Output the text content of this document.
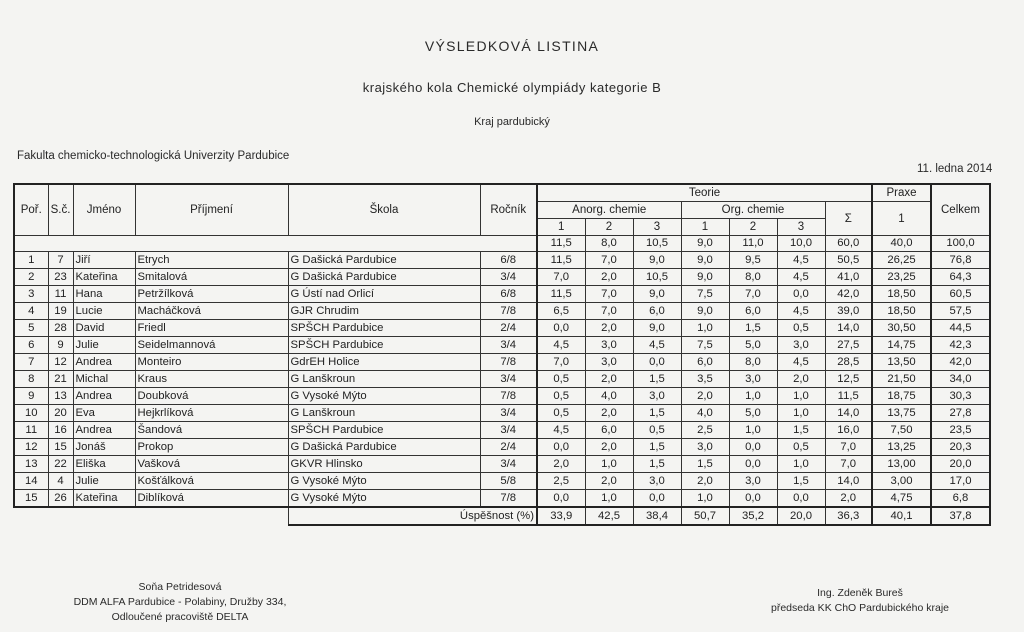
VÝSLEDKOVÁ LISTINA
krajského kola Chemické olympiády kategorie B
Kraj pardubický
Fakulta chemicko-technologická Univerzity Pardubice
11. ledna 2014
Poř.	S.č.	Jméno	Příjmení	Škola	Ročník	Teorie							Praxe	Celkem
						Anorg. chemie			Org. chemie			Σ	1	
						1	2	3	1	2	3			
						11,5	8,0	10,5	9,0	11,0	10,0	60,0	40,0	100,0
1	7	Jiří	Etrych	G Dašická Pardubice	6/8	11,5	7,0	9,0	9,0	9,5	4,5	50,5	26,25	76,8
2	23	Kateřina	Smitalová	G Dašická Pardubice	3/4	7,0	2,0	10,5	9,0	8,0	4,5	41,0	23,25	64,3
3	11	Hana	Petržílková	G Ústí nad Orlicí	6/8	11,5	7,0	9,0	7,5	7,0	0,0	42,0	18,50	60,5
4	19	Lucie	Macháčková	GJR Chrudim	7/8	6,5	7,0	6,0	9,0	6,0	4,5	39,0	18,50	57,5
5	28	David	Friedl	SPŠCH Pardubice	2/4	0,0	2,0	9,0	1,0	1,5	0,5	14,0	30,50	44,5
6	9	Julie	Seidelmannová	SPŠCH Pardubice	3/4	4,5	3,0	4,5	7,5	5,0	3,0	27,5	14,75	42,3
7	12	Andrea	Monteiro	GdrEH Holice	7/8	7,0	3,0	0,0	6,0	8,0	4,5	28,5	13,50	42,0
8	21	Michal	Kraus	G Lanškroun	3/4	0,5	2,0	1,5	3,5	3,0	2,0	12,5	21,50	34,0
9	13	Andrea	Doubková	G Vysoké Mýto	7/8	0,5	4,0	3,0	2,0	1,0	1,0	11,5	18,75	30,3
10	20	Eva	Hejkrlíková	G Lanškroun	3/4	0,5	2,0	1,5	4,0	5,0	1,0	14,0	13,75	27,8
11	16	Andrea	Šandová	SPŠCH Pardubice	3/4	4,5	6,0	0,5	2,5	1,0	1,5	16,0	7,50	23,5
12	15	Jonáš	Prokop	G Dašická Pardubice	2/4	0,0	2,0	1,5	3,0	0,0	0,5	7,0	13,25	20,3
13	22	Eliška	Vašková	GKVR Hlinsko	3/4	2,0	1,0	1,5	1,5	0,0	1,0	7,0	13,00	20,0
14	4	Julie	Košťálková	G Vysoké Mýto	5/8	2,5	2,0	3,0	2,0	3,0	1,5	14,0	3,00	17,0
15	26	Kateřina	Diblíková	G Vysoké Mýto	7/8	0,0	1,0	0,0	1,0	0,0	0,0	2,0	4,75	6,8
				Úspěšnost (%)		33,9	42,5	38,4	50,7	35,2	20,0	36,3	40,1	37,8
Soňa Petridesová
DDM ALFA Pardubice - Polabiny, Družby 334,
Odloučené pracoviště DELTA
Ing. Zdeněk Bureš
předseda KK ChO Pardubického kraje
